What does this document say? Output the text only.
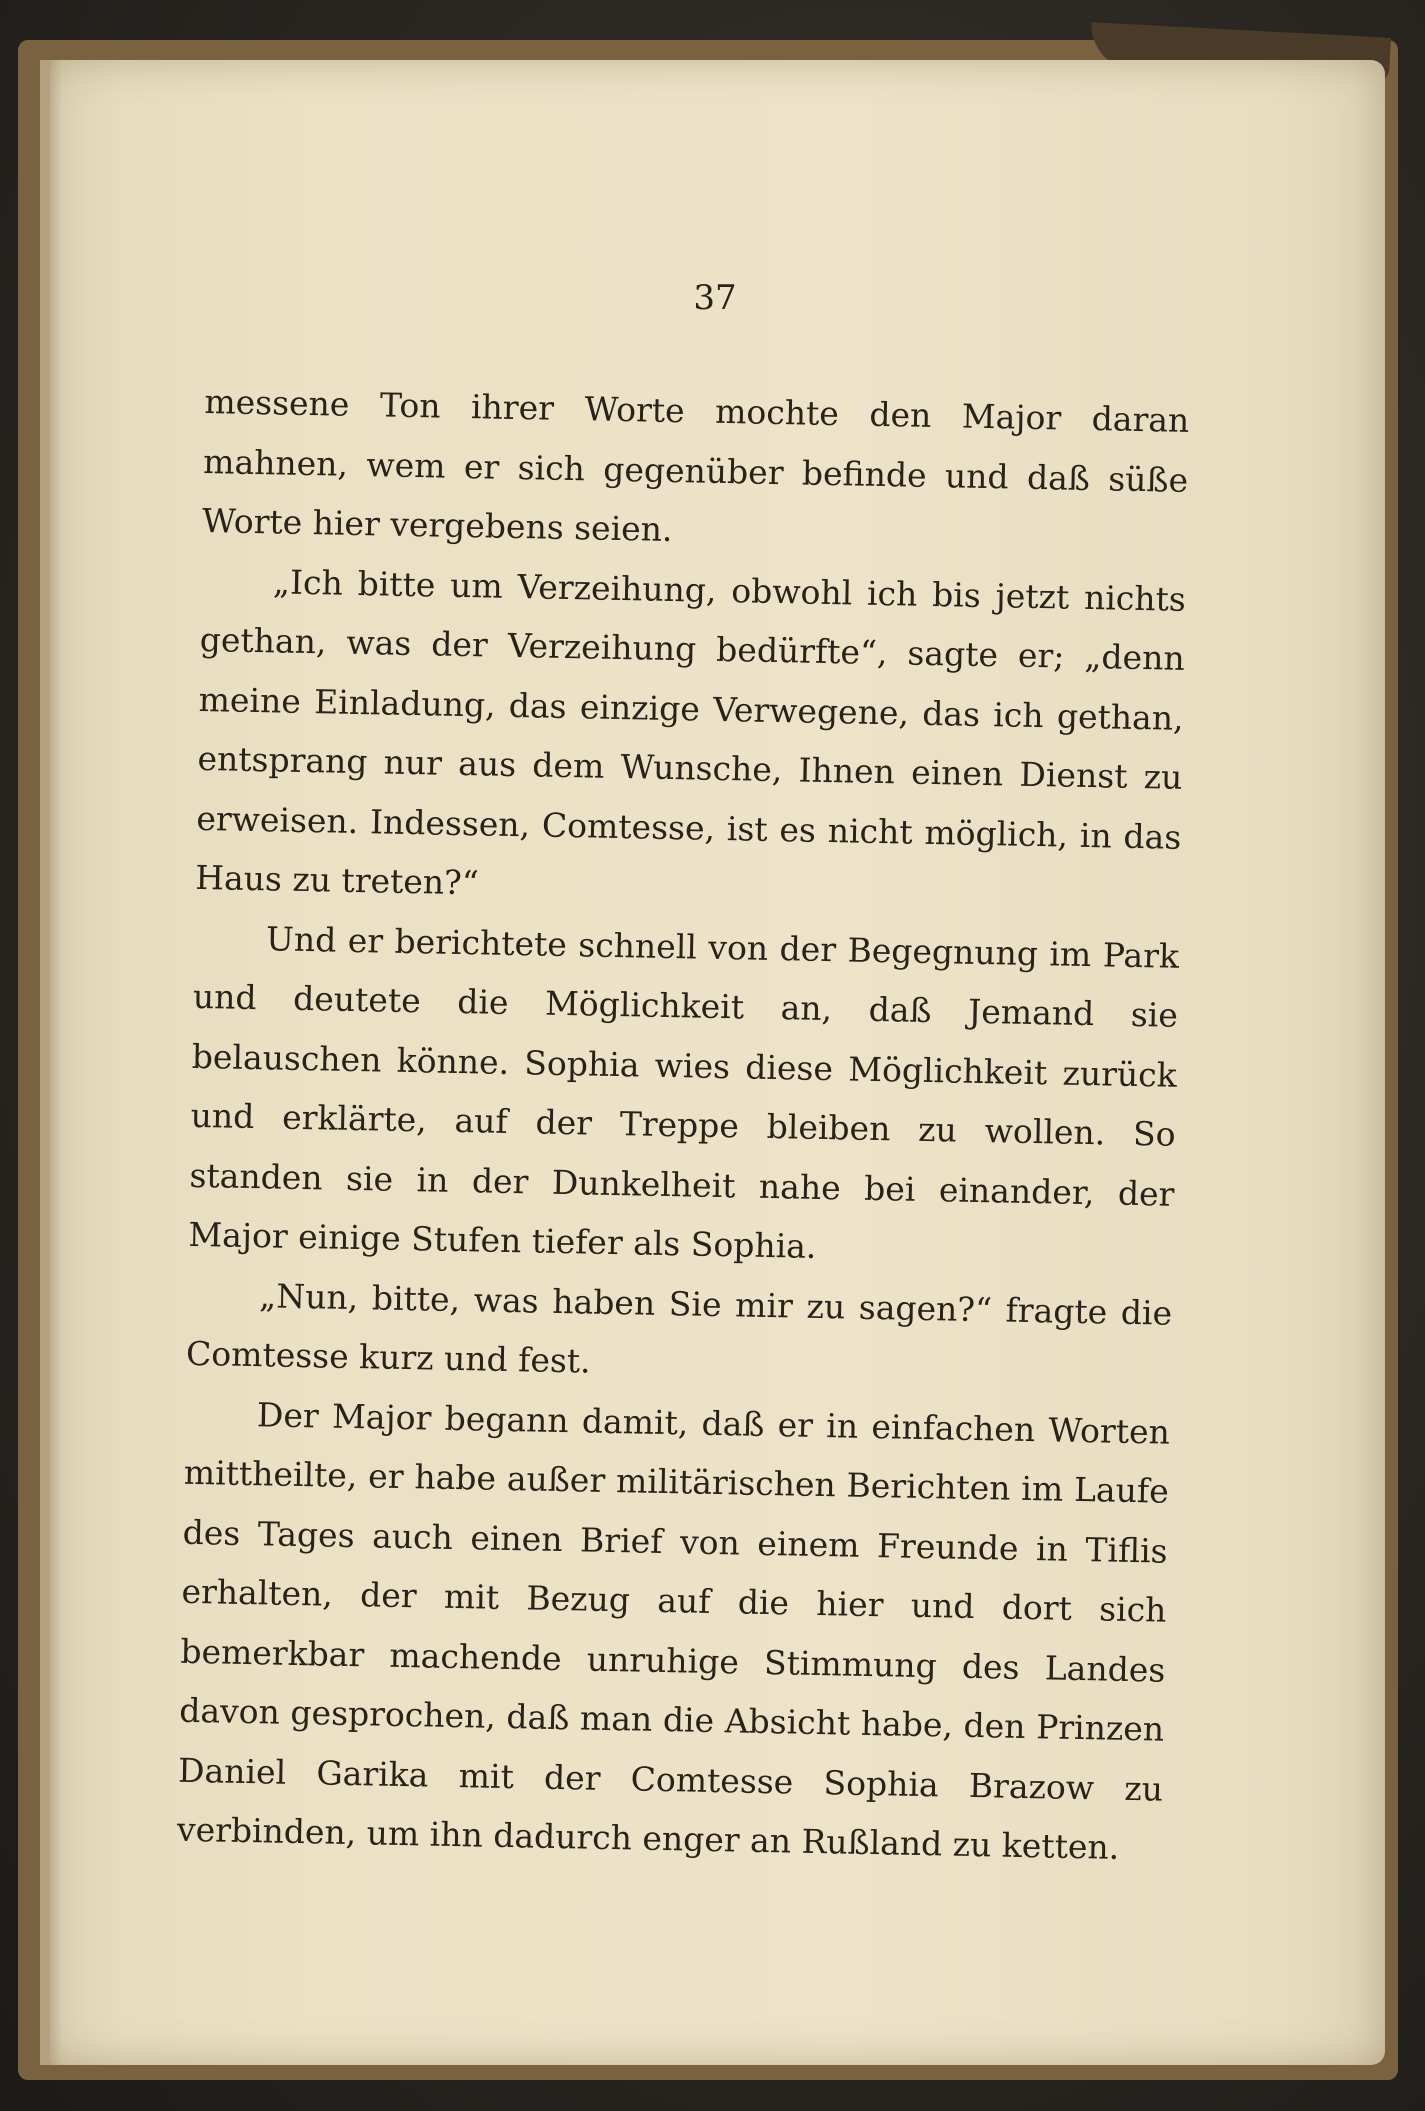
37

messene Ton ihrer Worte mochte den Major daran mahnen, wem er sich gegenüber befinde und daß süße Worte hier vergebens seien.

„Ich bitte um Verzeihung, obwohl ich bis jetzt nichts gethan, was der Verzeihung bedürfte“, sagte er; „denn meine Einladung, das einzige Verwegene, das ich gethan, entsprang nur aus dem Wunsche, Ihnen einen Dienst zu erweisen. Indessen, Comtesse, ist es nicht möglich, in das Haus zu treten?“

Und er berichtete schnell von der Begegnung im Park und deutete die Möglichkeit an, daß Jemand sie belauschen könne. Sophia wies diese Möglichkeit zurück und erklärte, auf der Treppe bleiben zu wollen. So standen sie in der Dunkelheit nahe bei einander, der Major einige Stufen tiefer als Sophia.

„Nun, bitte, was haben Sie mir zu sagen?“ fragte die Comtesse kurz und fest.

Der Major begann damit, daß er in einfachen Worten mittheilte, er habe außer militärischen Berichten im Laufe des Tages auch einen Brief von einem Freunde in Tiflis erhalten, der mit Bezug auf die hier und dort sich bemerkbar machende unruhige Stimmung des Landes davon gesprochen, daß man die Absicht habe, den Prinzen Daniel Garika mit der Comtesse Sophia Brazow zu verbinden, um ihn dadurch enger an Rußland zu ketten.
